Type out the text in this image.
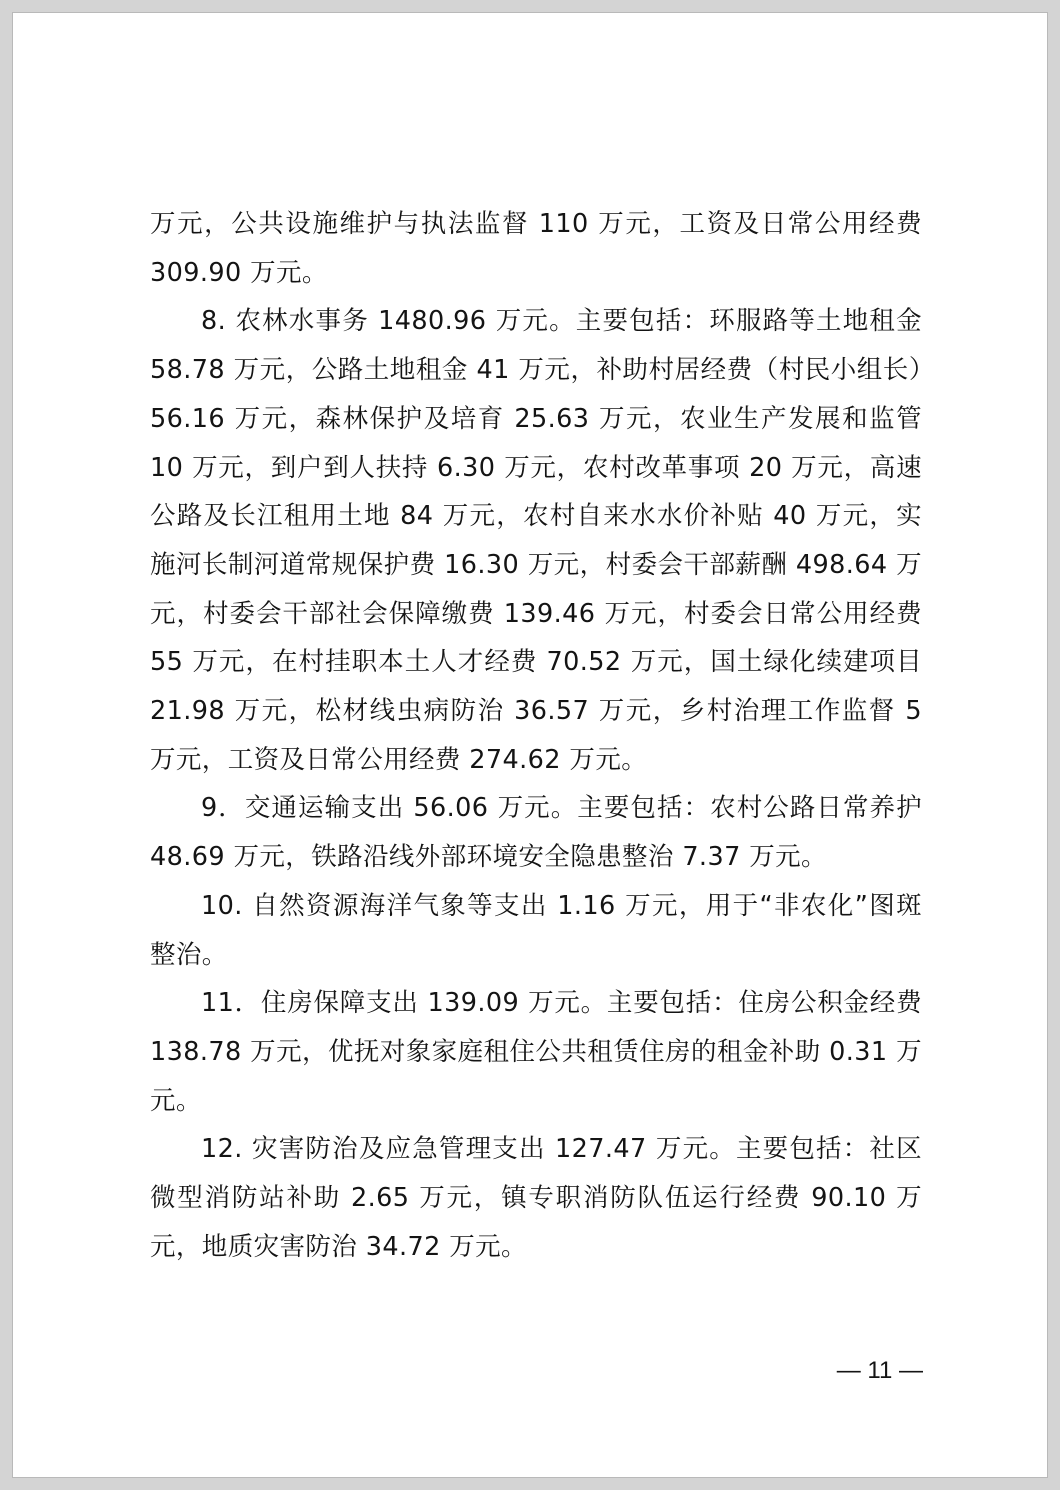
万元，公共设施维护与执法监督 110 万元，工资及日常公用经费 309.90 万元。

8. 农林水事务 1480.96 万元。主要包括：环服路等土地租金 58.78 万元，公路土地租金 41 万元，补助村居经费（村民小组长）56.16 万元，森林保护及培育 25.63 万元，农业生产发展和监管 10 万元，到户到人扶持 6.30 万元，农村改革事项 20 万元，高速公路及长江租用土地 84 万元，农村自来水水价补贴 40 万元，实施河长制河道常规保护费 16.30 万元，村委会干部薪酬 498.64 万元，村委会干部社会保障缴费 139.46 万元，村委会日常公用经费 55 万元，在村挂职本土人才经费 70.52 万元，国土绿化续建项目 21.98 万元，松材线虫病防治 36.57 万元，乡村治理工作监督 5 万元，工资及日常公用经费 274.62 万元。

9．交通运输支出 56.06 万元。主要包括：农村公路日常养护 48.69 万元，铁路沿线外部环境安全隐患整治 7.37 万元。

10. 自然资源海洋气象等支出 1.16 万元，用于“非农化”图斑整治。

11．住房保障支出 139.09 万元。主要包括：住房公积金经费 138.78 万元，优抚对象家庭租住公共租赁住房的租金补助 0.31 万元。

12. 灾害防治及应急管理支出 127.47 万元。主要包括：社区微型消防站补助 2.65 万元，镇专职消防队伍运行经费 90.10 万元，地质灾害防治 34.72 万元。

— 11 —
